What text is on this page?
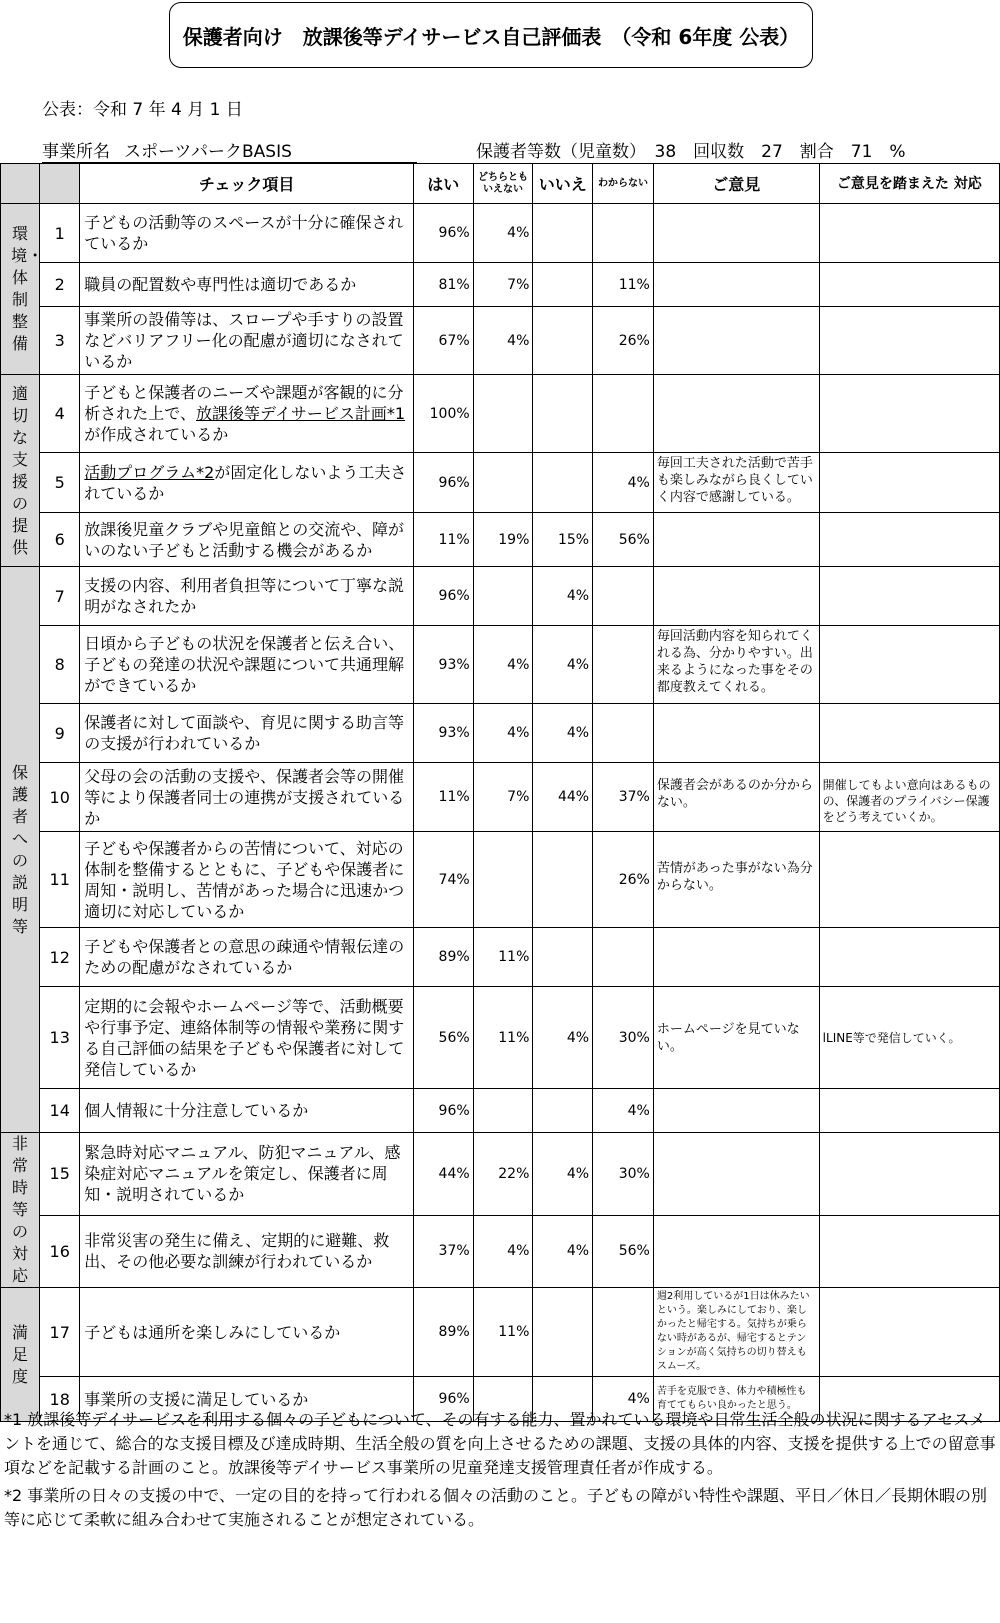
保護者向け　放課後等デイサービス自己評価表　（令和 6年度 公表）
公表：令和 7 年 4 月 1 日
事業所名 スポーツパークBASIS	保護者等数（児童数）　38　回収数　27　割合　71　%
		チェック項目	はい	どちらとも いえない	いいえ	わからない	ご意見	ご意見を踏まえた 対応

環境・体制整備	1	子どもの活動等のスペースが十分に確保されているか	96%	4%				
	2	職員の配置数や専門性は適切であるか	81%	7%		11%		
	3	事業所の設備等は、スロープや手すりの設置などバリアフリー化の配慮が適切になされているか	67%	4%		26%		

適切な支援の提供	4	子どもと保護者のニーズや課題が客観的に分析された上で、放課後等デイサービス計画*1が作成されているか	100%					
	5	活動プログラム*2が固定化しないよう工夫されているか	96%			4%	毎回工夫された活動で苦手も楽しみながら良くしていく内容で感謝している。	
	6	放課後児童クラブや児童館との交流や、障がいのない子どもと活動する機会があるか	11%	19%	15%	56%		

保護者への説明等	7	支援の内容、利用者負担等について丁寧な説明がなされたか	96%		4%			
	8	日頃から子どもの状況を保護者と伝え合い、子どもの発達の状況や課題について共通理解ができているか	93%	4%	4%		毎回活動内容を知られてくれる為、分かりやすい。出来るようになった事をその都度教えてくれる。	
	9	保護者に対して面談や、育児に関する助言等の支援が行われているか	93%	4%	4%			
	10	父母の会の活動の支援や、保護者会等の開催等により保護者同士の連携が支援されているか	11%	7%	44%	37%	保護者会があるのか分からない。	開催してもよい意向はあるものの、保護者のプライバシー保護をどう考えていくか。
	11	子どもや保護者からの苦情について、対応の体制を整備するとともに、子どもや保護者に周知・説明し、苦情があった場合に迅速かつ適切に対応しているか	74%			26%	苦情があった事がない為分からない。	
	12	子どもや保護者との意思の疎通や情報伝達のための配慮がなされているか	89%	11%				
	13	定期的に会報やホームページ等で、活動概要や行事予定、連絡体制等の情報や業務に関する自己評価の結果を子どもや保護者に対して発信しているか	56%	11%	4%	30%	ホームページを見ていない。	lLINE等で発信していく。
	14	個人情報に十分注意しているか	96%			4%		

非常時等の対応	15	緊急時対応マニュアル、防犯マニュアル、感染症対応マニュアルを策定し、保護者に周知・説明されているか	44%	22%	4%	30%		
	16	非常災害の発生に備え、定期的に避難、救出、その他必要な訓練が行われているか	37%	4%	4%	56%		

満足度	17	子どもは通所を楽しみにしているか	89%	11%			週2利用しているが1日は休みたいという。楽しみにしており、楽しかったと帰宅する。気持ちが乗らない時があるが、帰宅するとテンションが高く気持ちの切り替えもスムーズ。	
	18	事業所の支援に満足しているか	96%			4%	苦手を克服でき、体力や積極性も育ててもらい良かったと思う。	

*1 放課後等デイサービスを利用する個々の子どもについて、その有する能力、置かれている環境や日常生活全般の状況に関するアセスメントを通じて、総合的な支援目標及び達成時期、生活全般の質を向上させるための課題、支援の具体的内容、支援を提供する上での留意事項などを記載する計画のこと。放課後等デイサービス事業所の児童発達支援管理責任者が作成する。

*2 事業所の日々の支援の中で、一定の目的を持って行われる個々の活動のこと。子どもの障がい特性や課題、平日／休日／長期休暇の別等に応じて柔軟に組み合わせて実施されることが想定されている。
